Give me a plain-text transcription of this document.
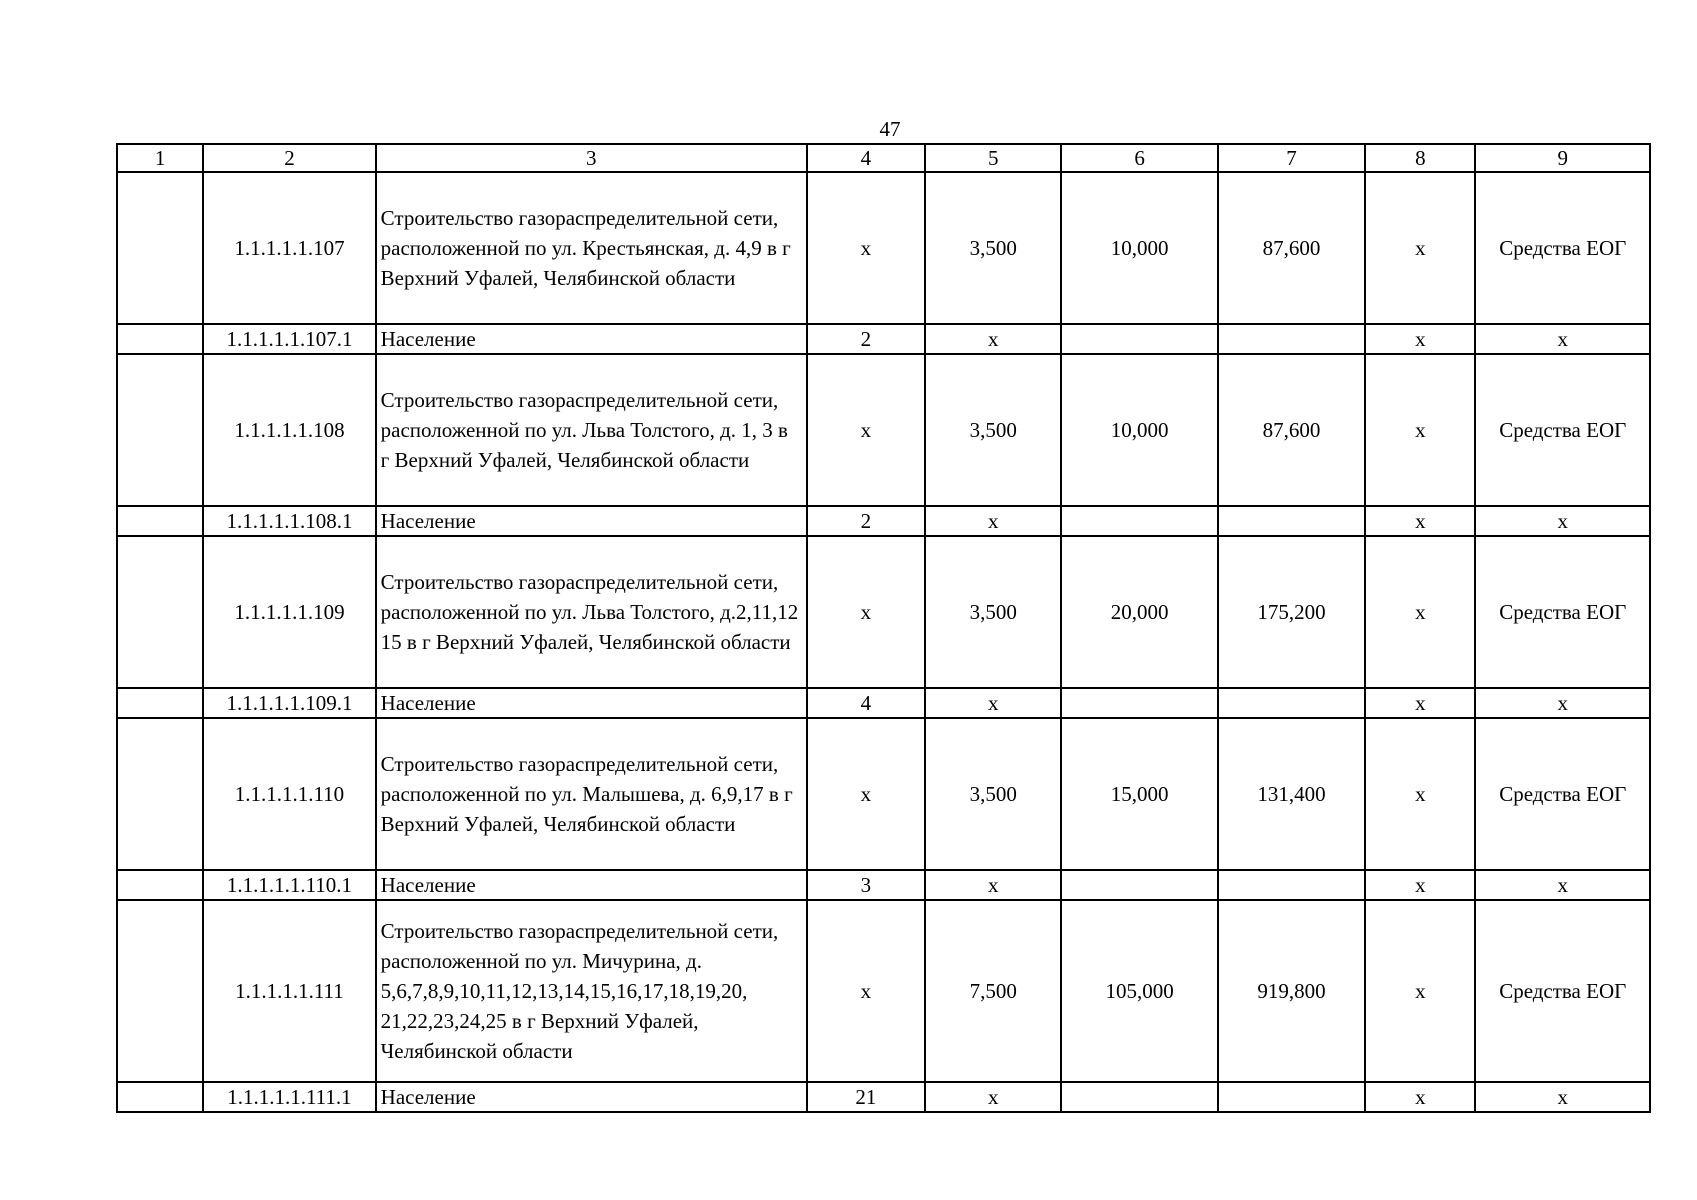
47
1	2	3	4	5	6	7	8	9
	1.1.1.1.1.107	Строительство газораспределительной сети, расположенной по ул. Крестьянская, д. 4,9 в г Верхний Уфалей, Челябинской области	х	3,500	10,000	87,600	х	Средства ЕОГ
	1.1.1.1.1.107.1	Население	2	х			х	х
	1.1.1.1.1.108	Строительство газораспределительной сети, расположенной по ул. Льва Толстого, д. 1, 3 в г Верхний Уфалей, Челябинской области	х	3,500	10,000	87,600	х	Средства ЕОГ
	1.1.1.1.1.108.1	Население	2	х			х	х
	1.1.1.1.1.109	Строительство газораспределительной сети, расположенной по ул. Льва Толстого, д.2,11,12 15 в г Верхний Уфалей, Челябинской области	х	3,500	20,000	175,200	х	Средства ЕОГ
	1.1.1.1.1.109.1	Население	4	х			х	х
	1.1.1.1.1.110	Строительство газораспределительной сети, расположенной по ул. Малышева, д. 6,9,17 в г Верхний Уфалей, Челябинской области	х	3,500	15,000	131,400	х	Средства ЕОГ
	1.1.1.1.1.110.1	Население	3	х			х	х
	1.1.1.1.1.111	Строительство газораспределительной сети, расположенной по ул. Мичурина, д. 5,6,7,8,9,10,11,12,13,14,15,16,17,18,19,20, 21,22,23,24,25 в г Верхний Уфалей, Челябинской области	х	7,500	105,000	919,800	х	Средства ЕОГ
	1.1.1.1.1.111.1	Население	21	х			х	х
